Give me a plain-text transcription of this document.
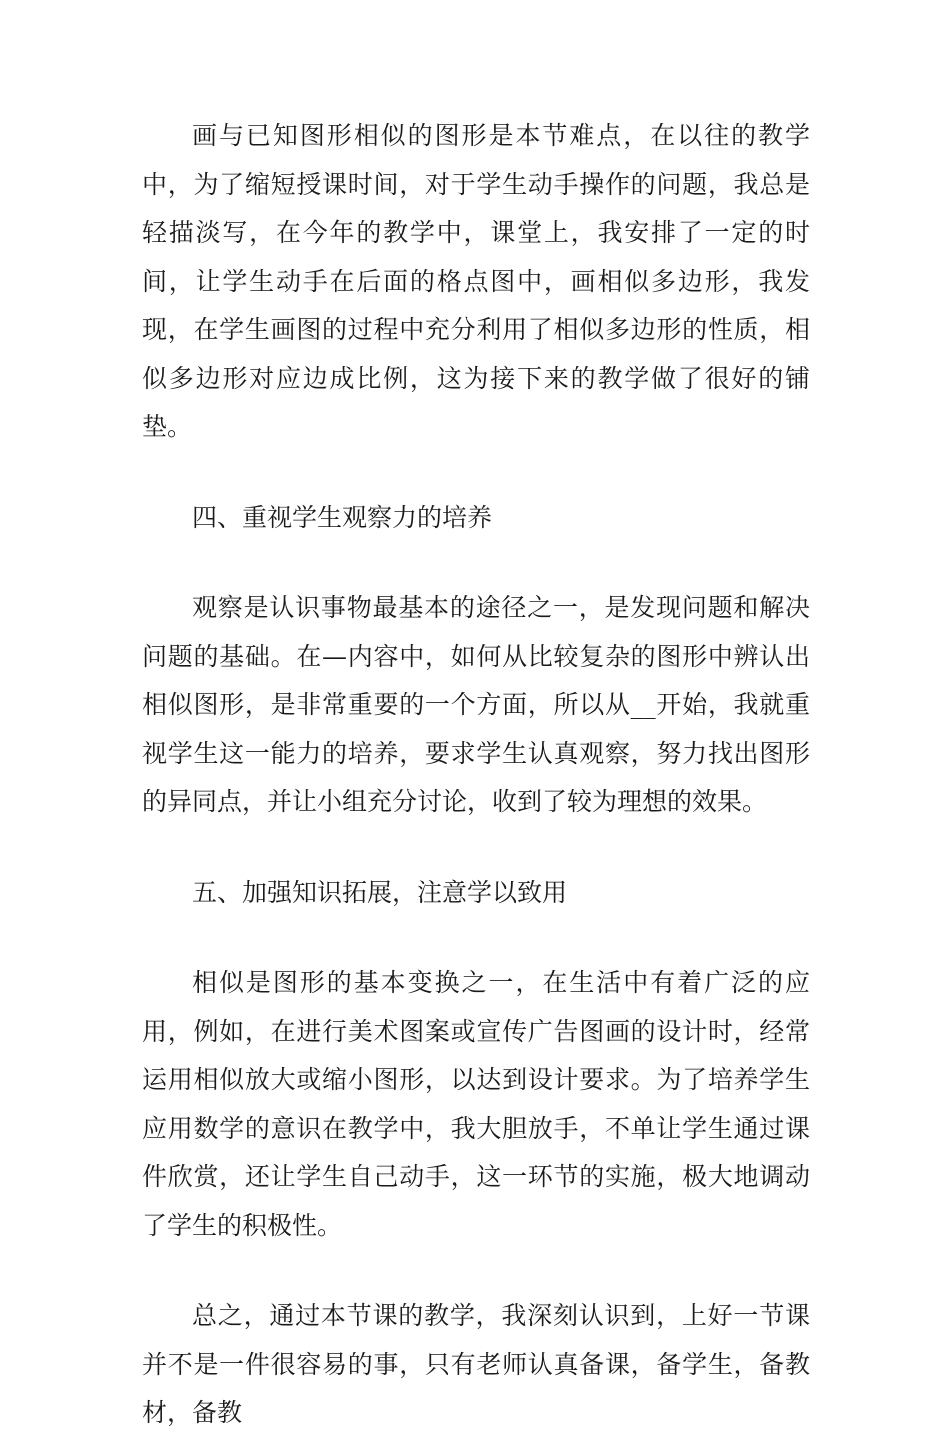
画与已知图形相似的图形是本节难点，在以往的教学中，为了缩短授课时间，对于学生动手操作的问题，我总是轻描淡写，在今年的教学中，课堂上，我安排了一定的时间，让学生动手在后面的格点图中，画相似多边形，我发现，在学生画图的过程中充分利用了相似多边形的性质，相似多边形对应边成比例，这为接下来的教学做了很好的铺垫。

四、重视学生观察力的培养

观察是认识事物最基本的途径之一，是发现问题和解决问题的基础。在—内容中，如何从比较复杂的图形中辨认出相似图形，是非常重要的一个方面，所以从__开始，我就重视学生这一能力的培养，要求学生认真观察，努力找出图形的异同点，并让小组充分讨论，收到了较为理想的效果。

五、加强知识拓展，注意学以致用

相似是图形的基本变换之一，在生活中有着广泛的应用，例如，在进行美术图案或宣传广告图画的设计时，经常运用相似放大或缩小图形，以达到设计要求。为了培养学生应用数学的意识在教学中，我大胆放手，不单让学生通过课件欣赏，还让学生自己动手，这一环节的实施，极大地调动了学生的积极性。

总之，通过本节课的教学，我深刻认识到，上好一节课并不是一件很容易的事，只有老师认真备课，备学生，备教材，备教
